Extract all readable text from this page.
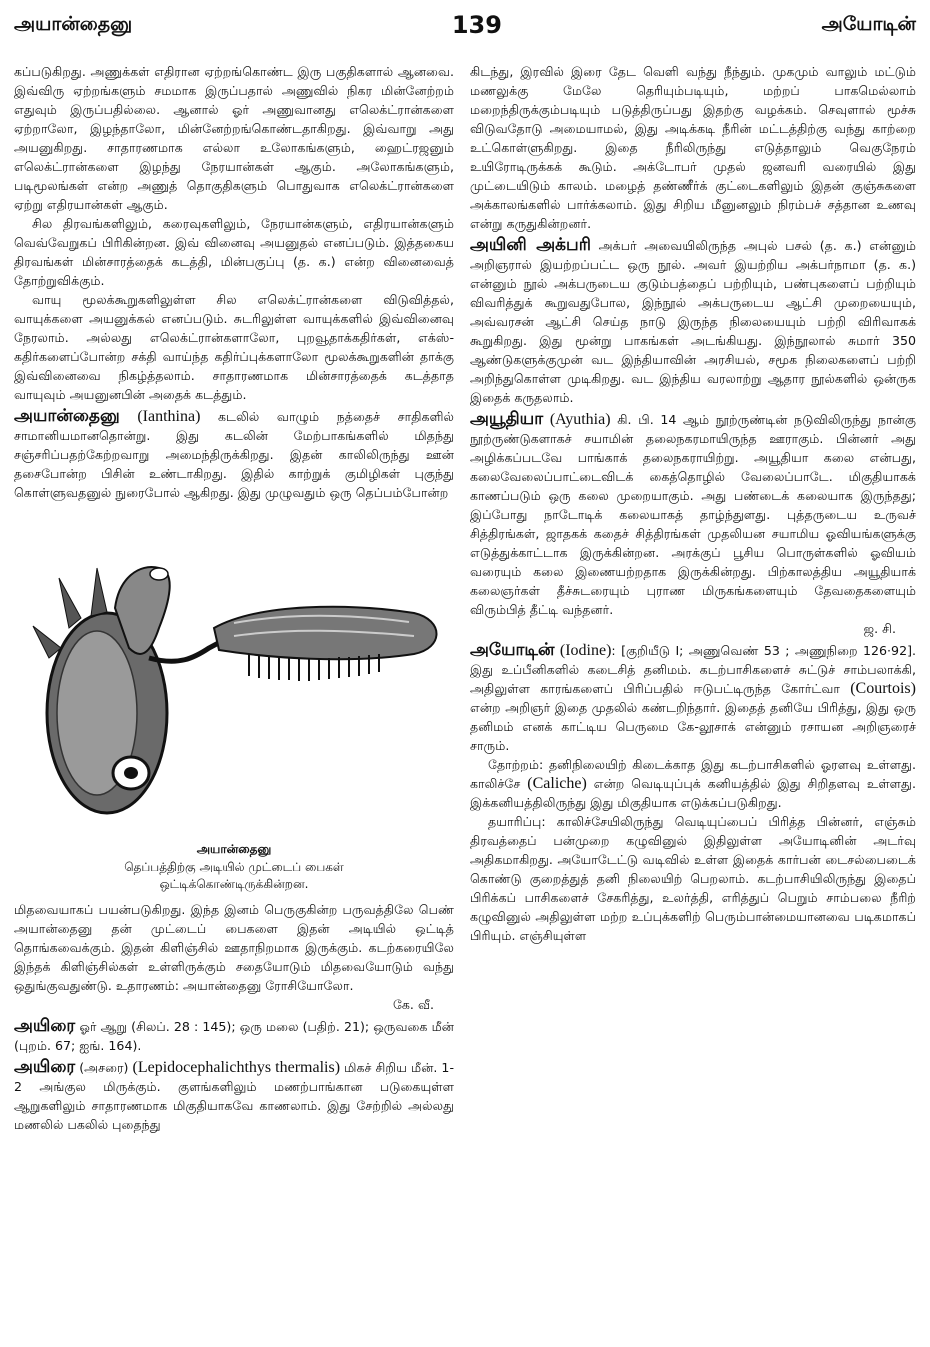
அயான்தைனு	139	அயோடின்

கப்படுகிறது. அணுக்கள் எதிரான ஏற்றங்கொண்ட இரு பகுதிகளால் ஆனவை. இவ்விரு ஏற்றங்களும் சமமாக இருப்பதால் அணுவில் நிகர மின்னேற்றம் எதுவும் இருப்பதில்லை. ஆனால் ஓர் அணுவானது எலெக்ட்ரான்களை ஏற்றாலோ, இழந்தாலோ, மின்னேற்றங்கொண்டதாகிறது. இவ்வாறு அது அயனுகிறது. சாதாரணமாக எல்லா உலோகங்களும், ஹைட்ரஜனும் எலெக்ட்ரான்களை இழந்து நேரயான்கள் ஆகும். அலோகங்களும், படிமூலங்கள் என்ற அணுத் தொகுதிகளும் பொதுவாக எலெக்ட்ரான்களை ஏற்று எதிரயான்கள் ஆகும்.

சில திரவங்களிலும், கரைவுகளிலும், நேரயான்களும், எதிரயான்களும் வெவ்வேறுகப் பிரிகின்றன. இவ் வினைவு அயனுதல் எனப்படும். இத்தகைய திரவங்கள் மின்சாரத்தைக் கடத்தி, மின்பகுப்பு (த. க.) என்ற வினைவைத் தோற்றுவிக்கும்.

வாயு மூலக்கூறுகளிலுள்ள சில எலெக்ட்ரான்களை விடுவித்தல், வாயுக்களை அயனுக்கல் எனப்படும். சுடரிலுள்ள வாயுக்களில் இவ்வினைவு நேரலாம். அல்லது எலெக்ட்ரான்களாலோ, புறவூதாக்கதிர்கள், எக்ஸ்-கதிர்களைப்போன்ற சக்தி வாய்ந்த கதிர்ப்புக்களாலோ மூலக்கூறுகளின் தாக்கு இவ்வினைவை நிகழ்த்தலாம். சாதாரணமாக மின்சாரத்தைக் கடத்தாத வாயுவும் அயனுனபின் அதைக் கடத்தும்.

அயான்தைனு (Ianthina) கடலில் வாழும் நத்தைச் சாதிகளில் சாமானியமானதொன்று. இது கடலின் மேற்பாகங்களில் மிதந்து சஞ்சரிப்பதற்கேற்றவாறு அமைந்திருக்கிறது. இதன் காலிலிருந்து ஊன் தசைபோன்ற பிசின் உண்டாகிறது. இதில் காற்றுக் குமிழிகள் புகுந்து கொள்ளுவதனுல் நுரைபோல் ஆகிறது. இது முழுவதும் ஒரு தெப்பம்போன்ற

அயான்தைனு
தெப்பத்திற்கு அடியில் முட்டைப் பைகள்
ஒட்டிக்கொண்டிருக்கின்றன.

மிதவையாகப் பயன்படுகிறது. இந்த இனம் பெருகுகின்ற பருவத்திலே பெண் அயான்தைனு தன் முட்டைப் பைகளை இதன் அடியில் ஒட்டித் தொங்கவைக்கும். இதன் கிளிஞ்சில் ஊதாநிறமாக இருக்கும். கடற்கரையிலே இந்தக் கிளிஞ்சில்கள் உள்ளிருக்கும் சதையோடும் மிதவையோடும் வந்து ஒதுங்குவதுண்டு. உதாரணம்: அயான்தைனு ரோசியோலோ.

கே. வீ.

அயிரை ஓர் ஆறு (சிலப். 28 : 145); ஒரு மலை (பதிற். 21); ஒருவகை மீன் (புறம். 67; ஐங். 164).

அயிரை (அசரை) (Lepidocephalichthys thermalis) மிகச் சிறிய மீன். 1-2 அங்குல மிருக்கும். குளங்களிலும் மணற்பாங்கான படுகையுள்ள ஆறுகளிலும் சாதாரணமாக மிகுதியாகவே காணலாம். இது சேற்றில் அல்லது மணலில் பகலில் புதைந்து

கிடந்து, இரவில் இரை தேட வெளி வந்து நீந்தும். முகமும் வாலும் மட்டும் மணலுக்கு மேலே தெரியும்படியும், மற்றப் பாகமெல்லாம் மறைந்திருக்கும்படியும் படுத்திருப்பது இதற்கு வழக்கம். செவுளால் மூச்சு விடுவதோடு அமையாமல், இது அடிக்கடி நீரின் மட்டத்திற்கு வந்து காற்றை உட்கொள்ளுகிறது. இதை நீரிலிருந்து எடுத்தாலும் வெகுநேரம் உயிரோடிருக்கக் கூடும். அக்டோபர் முதல் ஜனவரி வரையில் இது முட்டையிடும் காலம். மழைத் தண்ணீர்க் குட்டைகளிலும் இதன் குஞ்சுகளை அக்காலங்களில் பார்க்கலாம். இது சிறிய மீனுனலும் நிரம்பச் சத்தான உணவு என்று கருதுகின்றனர்.

அயினி அக்பரி அக்பர் அவையிலிருந்த அபுல் பசல் (த. க.) என்னும் அறிஞரால் இயற்றப்பட்ட ஒரு நூல். அவர் இயற்றிய அக்பர்நாமா (த. க.) என்னும் நூல் அக்பருடைய குடும்பத்தைப் பற்றியும், பண்புகளைப் பற்றியும் விவரித்துக் கூறுவதுபோல, இந்நூல் அக்பருடைய ஆட்சி முறையையும், அவ்வரசன் ஆட்சி செய்த நாடு இருந்த நிலையையும் பற்றி விரிவாகக் கூறுகிறது. இது மூன்று பாகங்கள் அடங்கியது. இந்நூலால் சுமார் 350 ஆண்டுகளுக்குமுன் வட இந்தியாவின் அரசியல், சமூக நிலைகளைப் பற்றி அறிந்துகொள்ள முடிகிறது. வட இந்திய வரலாற்று ஆதார நூல்களில் ஒன்ருக இதைக் கருதலாம்.

அயூதியா (Ayuthia) கி. பி. 14 ஆம் நூற்ருண்டின் நடுவிலிருந்து நான்கு நூற்ருண்டுகளாகச் சயாமின் தலைநகரமாயிருந்த ஊராகும். பின்னர் அது அழிக்கப்படவே பாங்காக் தலைநகராயிற்று. அயூதியா கலை என்பது, கலைவேலைப்பாட்டைவிடக் கைத்தொழில் வேலைப்பாடே. மிகுதியாகக் காணப்படும் ஒரு கலை முறையாகும். அது பண்டைக் கலையாக இருந்தது; இப்போது நாடோடிக் கலையாகத் தாழ்ந்துளது. புத்தருடைய உருவச் சித்திரங்கள், ஜாதகக் கதைச் சித்திரங்கள் முதலியன சயாமிய ஓவியங்களுக்கு எடுத்துக்காட்டாக இருக்கின்றன. அரக்குப் பூசிய பொருள்களில் ஓவியம் வரையும் கலை இணையற்றதாக இருக்கின்றது. பிற்காலத்திய அயூதியாக் கலைஞர்கள் தீச்சுடரையும் புராண மிருகங்களையும் தேவதைகளையும் விரும்பித் தீட்டி வந்தனர்.

ஜ. சி.

அயோடின் (Iodine): [குறியீடு I; அணுவெண் 53 ; அணுநிறை 126·92]. இது உப்பீனிகளில் கடைசித் தனிமம். கடற்பாசிகளைச் சுட்டுச் சாம்பலாக்கி, அதிலுள்ள காரங்களைப் பிரிப்பதில் ஈடுபட்டிருந்த கோர்ட்வா (Courtois) என்ற அறிஞர் இதை முதலில் கண்டறிந்தார். இதைத் தனியே பிரித்து, இது ஒரு தனிமம் எனக் காட்டிய பெருமை கே-லூசாக் என்னும் ரசாயன அறிஞரைச் சாரும்.

தோற்றம்: தனிநிலையிற் கிடைக்காத இது கடற்பாசிகளில் ஓரளவு உள்ளது. காலிச்சே (Caliche) என்ற வெடியுப்புக் கனியத்தில் இது சிறிதளவு உள்ளது. இக்கனியத்திலிருந்து இது மிகுதியாக எடுக்கப்படுகிறது.

தயாரிப்பு: காலிச்சேயிலிருந்து வெடியுப்பைப் பிரித்த பின்னர், எஞ்சும் திரவத்தைப் பன்முறை கழுவினுல் இதிலுள்ள அயோடினின் அடர்வு அதிகமாகிறது. அயோடேட்டு வடிவில் உள்ள இதைக் கார்பன் டைசல்பைடைக் கொண்டு குறைத்துத் தனி நிலையிற் பெறலாம். கடற்பாசியிலிருந்து இதைப் பிரிக்கப் பாசிகளைச் சேகரித்து, உலர்த்தி, எரித்துப் பெறும் சாம்பலை நீரிற் கழுவினுல் அதிலுள்ள மற்ற உப்புக்களிற் பெரும்பான்மையானவை படிகமாகப் பிரியும். எஞ்சியுள்ள
